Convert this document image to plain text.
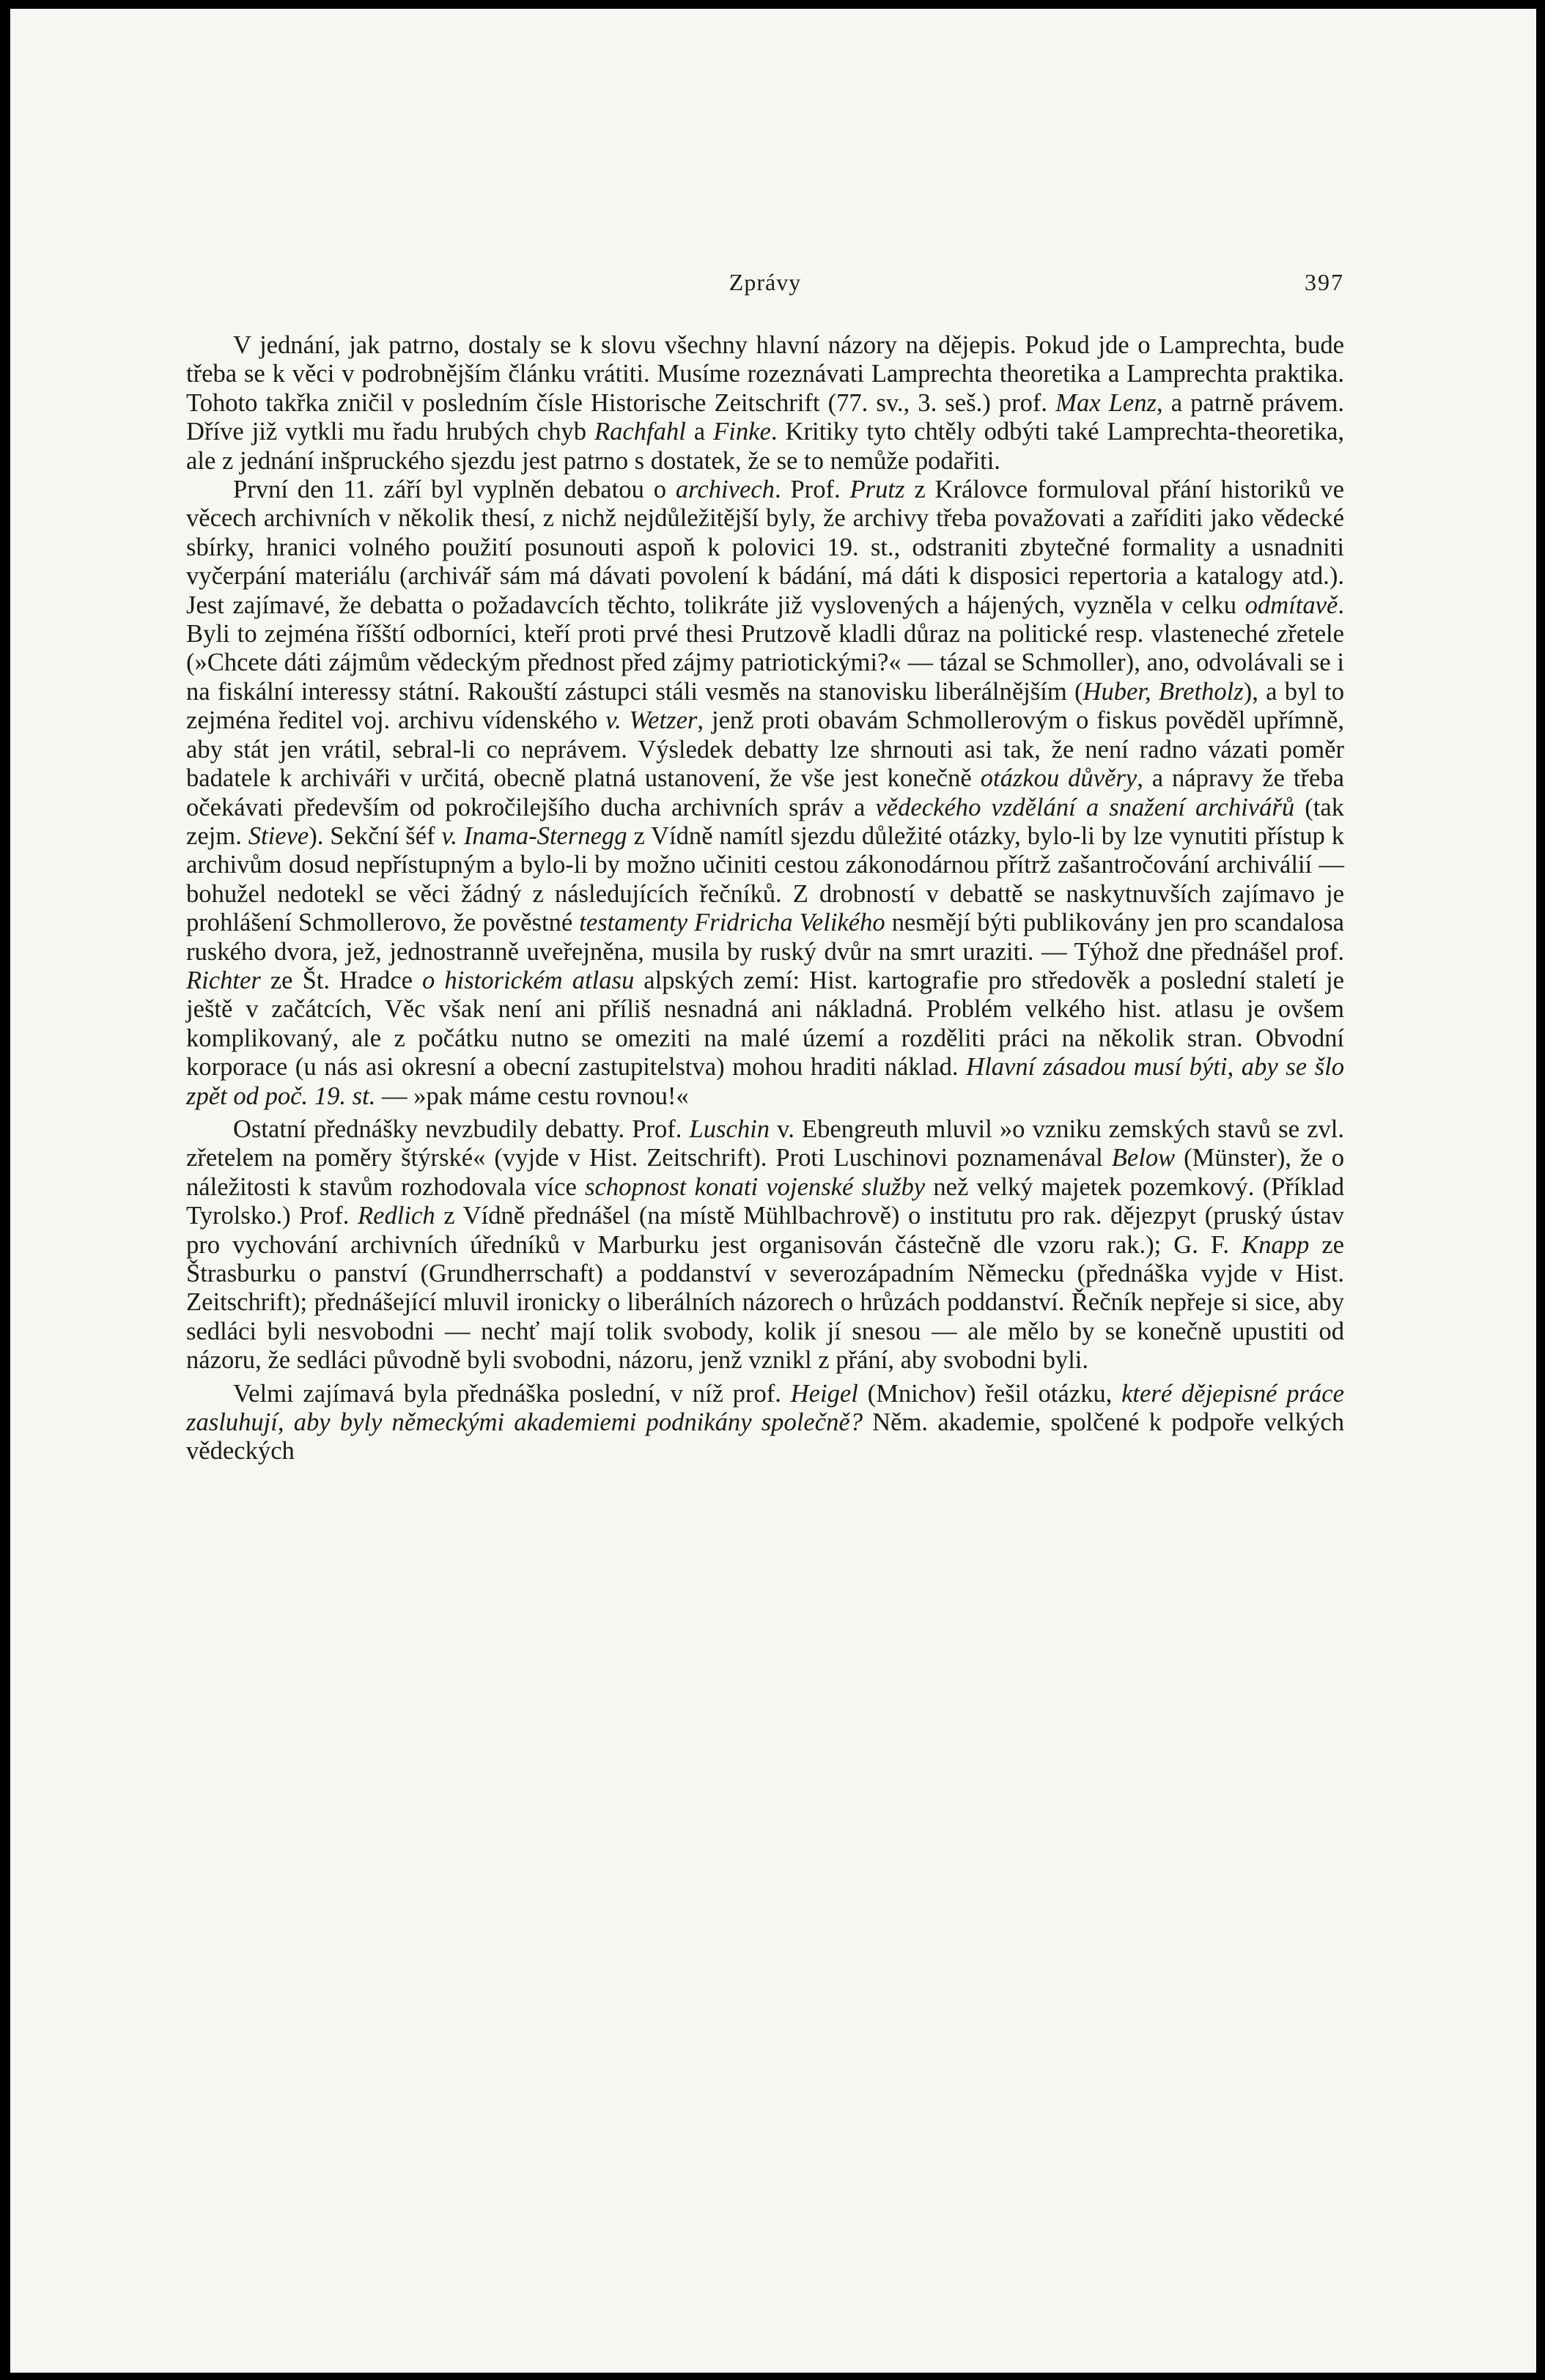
Zprávy	397

V jednání, jak patrno, dostaly se k slovu všechny hlavní názory na dějepis. Pokud jde o Lamprechta, bude třeba se k věci v podrobnějším článku vrátiti. Musíme rozeznávati Lamprechta theoretika a Lamprechta praktika. Tohoto takřka zničil v posledním čísle Historische Zeitschrift (77. sv., 3. seš.) prof. Max Lenz, a patrně právem. Dříve již vytkli mu řadu hrubých chyb Rachfahl a Finke. Kritiky tyto chtěly odbýti také Lamprechta-theoretika, ale z jednání inšpruckého sjezdu jest patrno s dostatek, že se to nemůže podařiti.

První den 11. září byl vyplněn debatou o archivech. Prof. Prutz z Královce formuloval přání historiků ve věcech archivních v několik thesí, z nichž nejdůležitější byly, že archivy třeba považovati a zaříditi jako vědecké sbírky, hranici volného použití posunouti aspoň k polovici 19. st., odstraniti zbytečné formality a usnadniti vyčerpání materiálu (archivář sám má dávati povolení k bádání, má dáti k disposici repertoria a katalogy atd.). Jest zajímavé, že debatta o požadavcích těchto, tolikráte již vyslovených a hájených, vyzněla v celku odmítavě. Byli to zejména říšští odborníci, kteří proti prvé thesi Prutzově kladli důraz na politické resp. vlasteneché zřetele (»Chcete dáti zájmům vědeckým přednost před zájmy patriotickými?« — tázal se Schmoller), ano, odvolávali se i na fiskální interessy státní. Rakouští zástupci stáli vesměs na stanovisku liberálnějším (Huber, Bretholz), a byl to zejména ředitel voj. archivu vídenského v. Wetzer, jenž proti obavám Schmollerovým o fiskus pověděl upřímně, aby stát jen vrátil, sebral-li co neprávem. Výsledek debatty lze shrnouti asi tak, že není radno vázati poměr badatele k archiváři v určitá, obecně platná ustanovení, že vše jest konečně otázkou důvěry, a nápravy že třeba očekávati především od pokročilejšího ducha archivních správ a vědeckého vzdělání a snažení archivářů (tak zejm. Stieve). Sekční šéf v. Inama-Sternegg z Vídně namítl sjezdu důležité otázky, bylo-li by lze vynutiti přístup k archivům dosud nepřístupným a bylo-li by možno učiniti cestou zákonodárnou přítrž zašantročování archiválií — bohužel nedotekl se věci žádný z následujících řečníků. Z drobností v debattě se naskytnuvších zajímavo je prohlášení Schmollerovo, že pověstné testamenty Fridricha Velikého nesmějí býti publikovány jen pro scandalosa ruského dvora, jež, jednostranně uveřejněna, musila by ruský dvůr na smrt uraziti. — Týhož dne přednášel prof. Richter ze Št. Hradce o historickém atlasu alpských zemí: Hist. kartografie pro středověk a poslední staletí je ještě v začátcích, Věc však není ani příliš nesnadná ani nákladná. Problém velkého hist. atlasu je ovšem komplikovaný, ale z počátku nutno se omeziti na malé území a rozděliti práci na několik stran. Obvodní korporace (u nás asi okresní a obecní zastupitelstva) mohou hraditi náklad. Hlavní zásadou musí býti, aby se šlo zpět od poč. 19. st. — »pak máme cestu rovnou!«

Ostatní přednášky nevzbudily debatty. Prof. Luschin v. Ebengreuth mluvil »o vzniku zemských stavů se zvl. zřetelem na poměry štýrské« (vyjde v Hist. Zeitschrift). Proti Luschinovi poznamenával Below (Münster), že o náležitosti k stavům rozhodovala více schopnost konati vojenské služby než velký majetek pozemkový. (Příklad Tyrolsko.) Prof. Redlich z Vídně přednášel (na místě Mühlbachrově) o institutu pro rak. dějezpyt (pruský ústav pro vychování archivních úředníků v Marburku jest organisován částečně dle vzoru rak.); G. F. Knapp ze Štrasburku o panství (Grundherrschaft) a poddanství v severozápadním Německu (přednáška vyjde v Hist. Zeitschrift); přednášející mluvil ironicky o liberálních názorech o hrůzách poddanství. Řečník nepřeje si sice, aby sedláci byli nesvobodni — nechť mají tolik svobody, kolik jí snesou — ale mělo by se konečně upustiti od názoru, že sedláci původně byli svobodni, názoru, jenž vznikl z přání, aby svobodni byli.

Velmi zajímavá byla přednáška poslední, v níž prof. Heigel (Mnichov) řešil otázku, které dějepisné práce zasluhují, aby byly německými akademiemi podnikány společně? Něm. akademie, spolčené k podpoře velkých vědeckých
